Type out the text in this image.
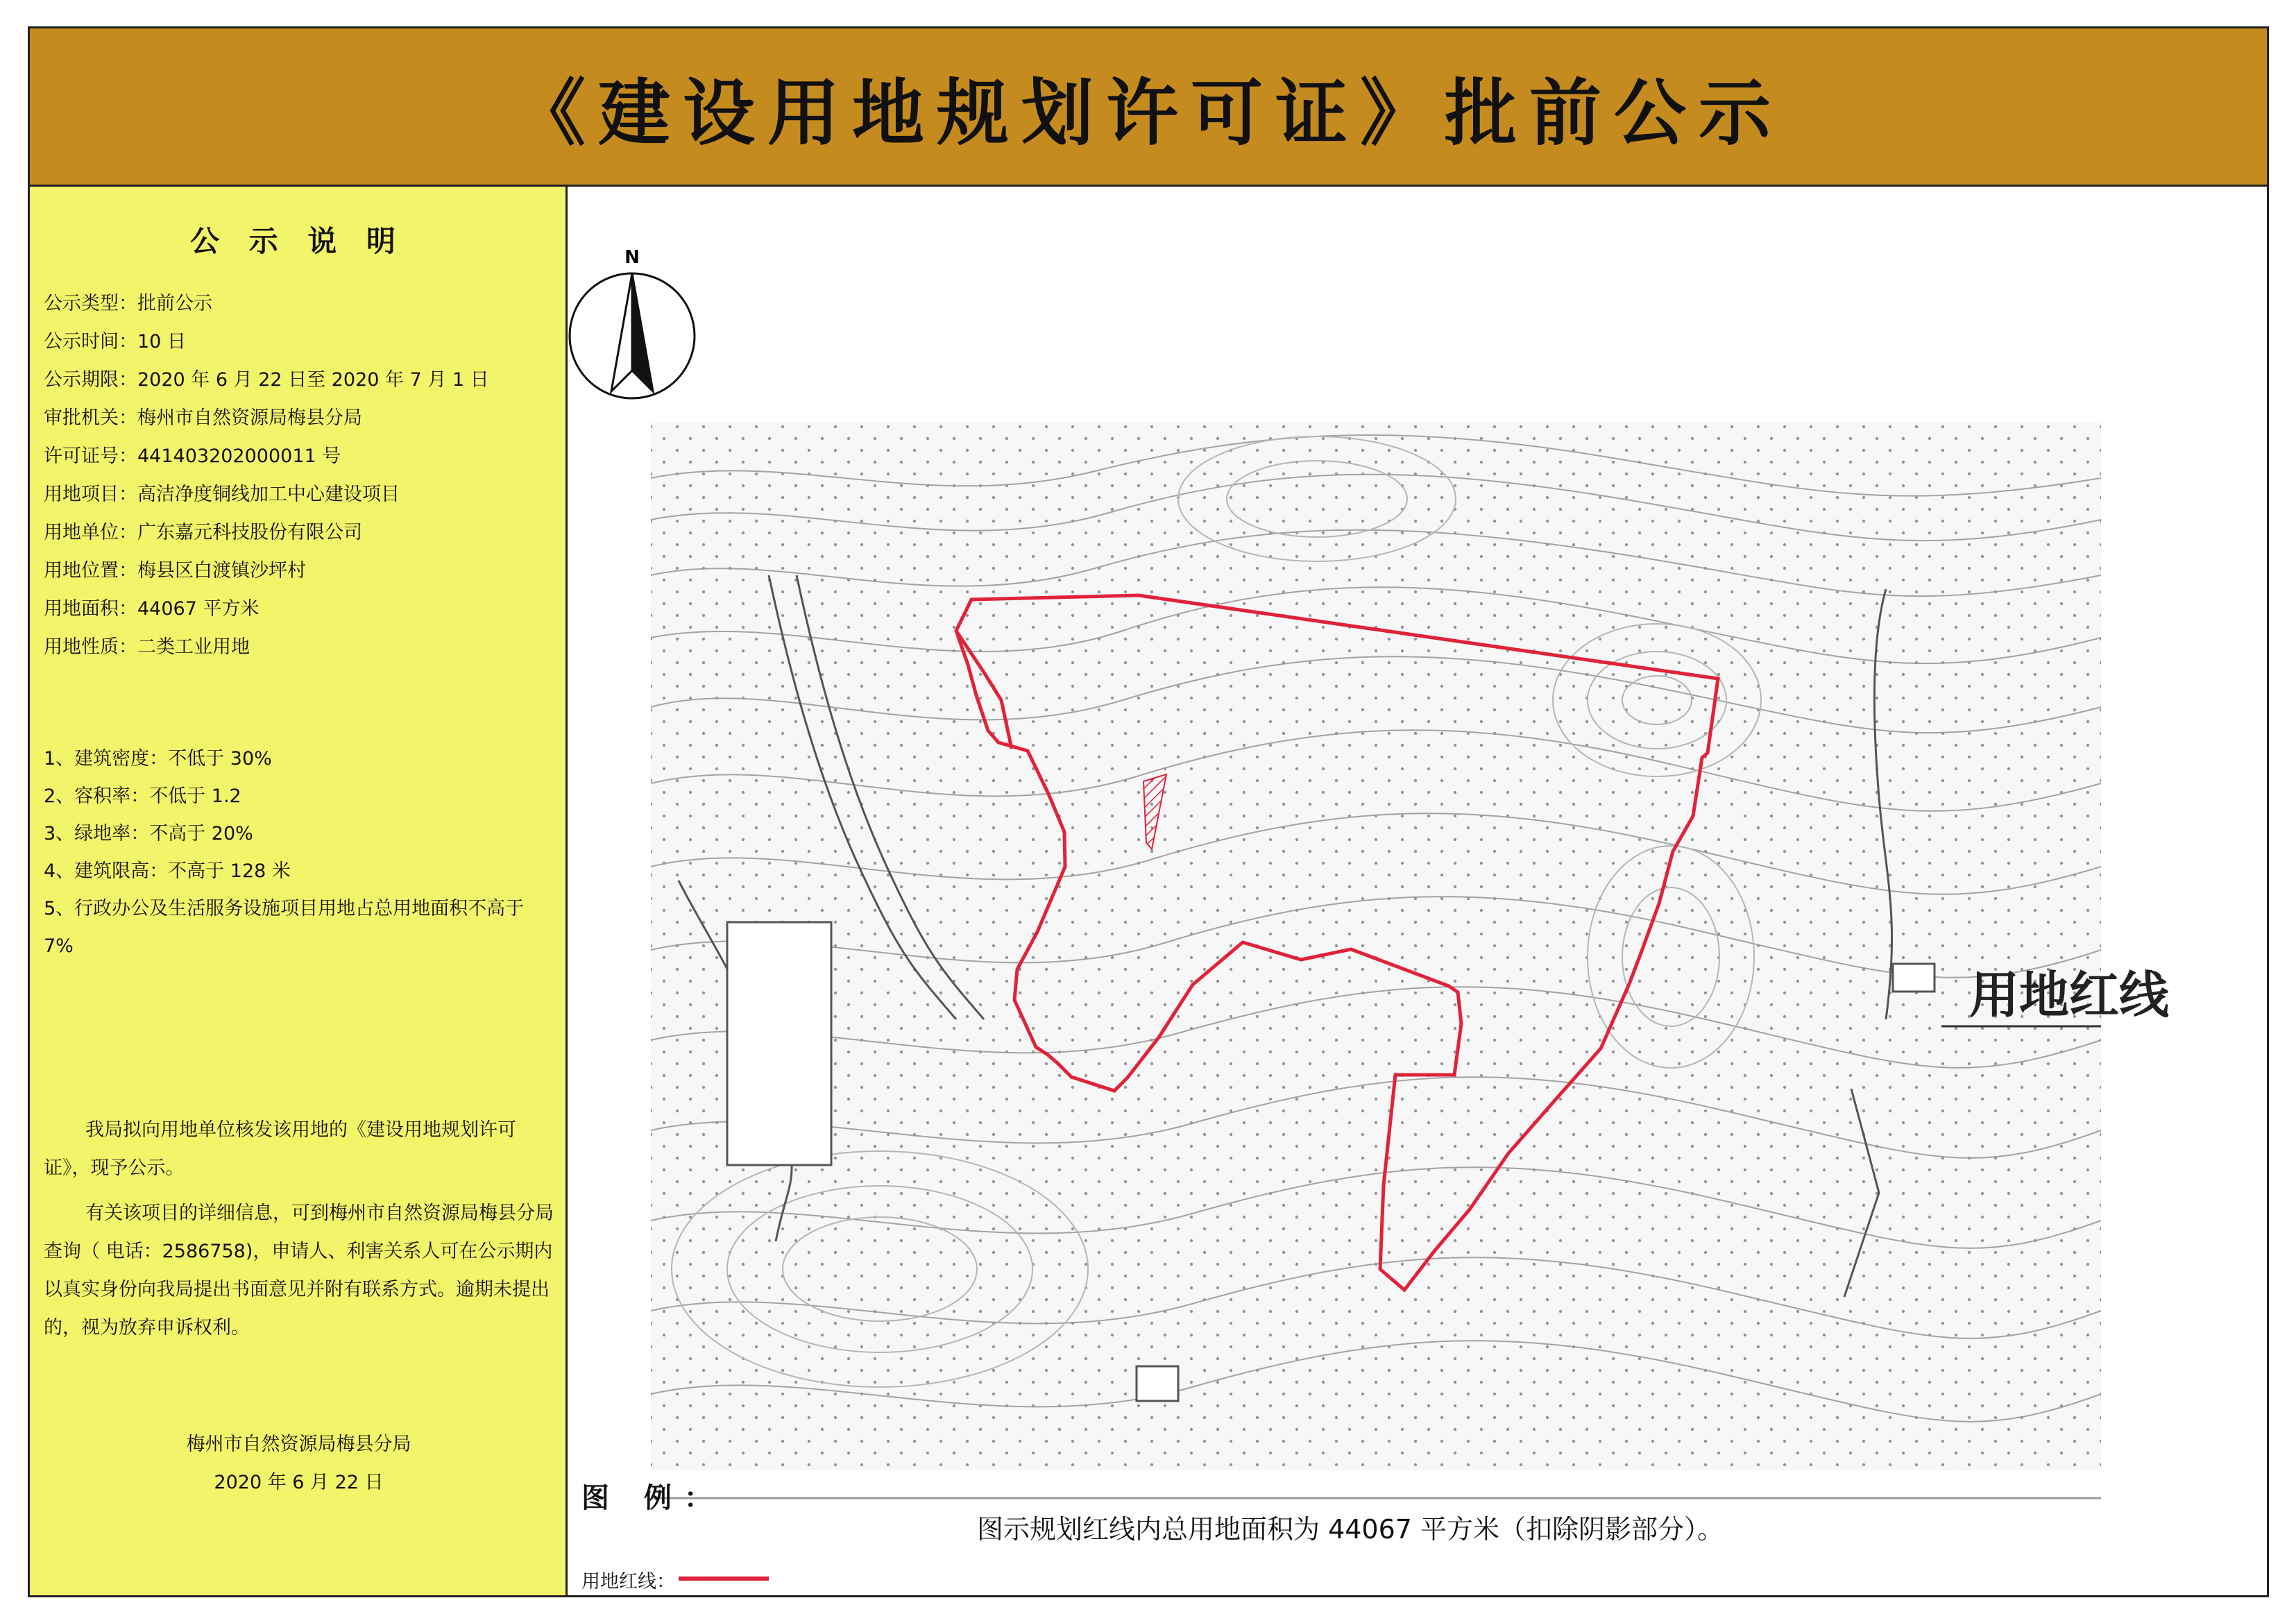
《建设用地规划许可证》批前公示
公 示 说 明
公示类型：批前公示
公示时间：10 日
公示期限：2020 年 6 月 22 日至 2020 年 7 月 1 日
审批机关：梅州市自然资源局梅县分局
许可证号：441403202000011 号
用地项目：高洁净度铜线加工中心建设项目
用地单位：广东嘉元科技股份有限公司
用地位置：梅县区白渡镇沙坪村
用地面积：44067 平方米
用地性质：二类工业用地
1、建筑密度：不低于 30%
2、容积率：不低于 1.2
3、绿地率：不高于 20%
4、建筑限高：不高于 128 米
5、行政办公及生活服务设施项目用地占总用地面积不高于 7%
我局拟向用地单位核发该用地的《建设用地规划许可证》，现予公示。
有关该项目的详细信息，可到梅州市自然资源局梅县分局查询（ 电话：2586758)，申请人、利害关系人可在公示期内以真实身份向我局提出书面意见并附有联系方式。逾期未提出的，视为放弃申诉权利。
梅州市自然资源局梅县分局
2020 年 6 月 22 日
N
用地红线
图 例：
图示规划红线内总用地面积为 44067 平方米（扣除阴影部分）。
用地红线：
